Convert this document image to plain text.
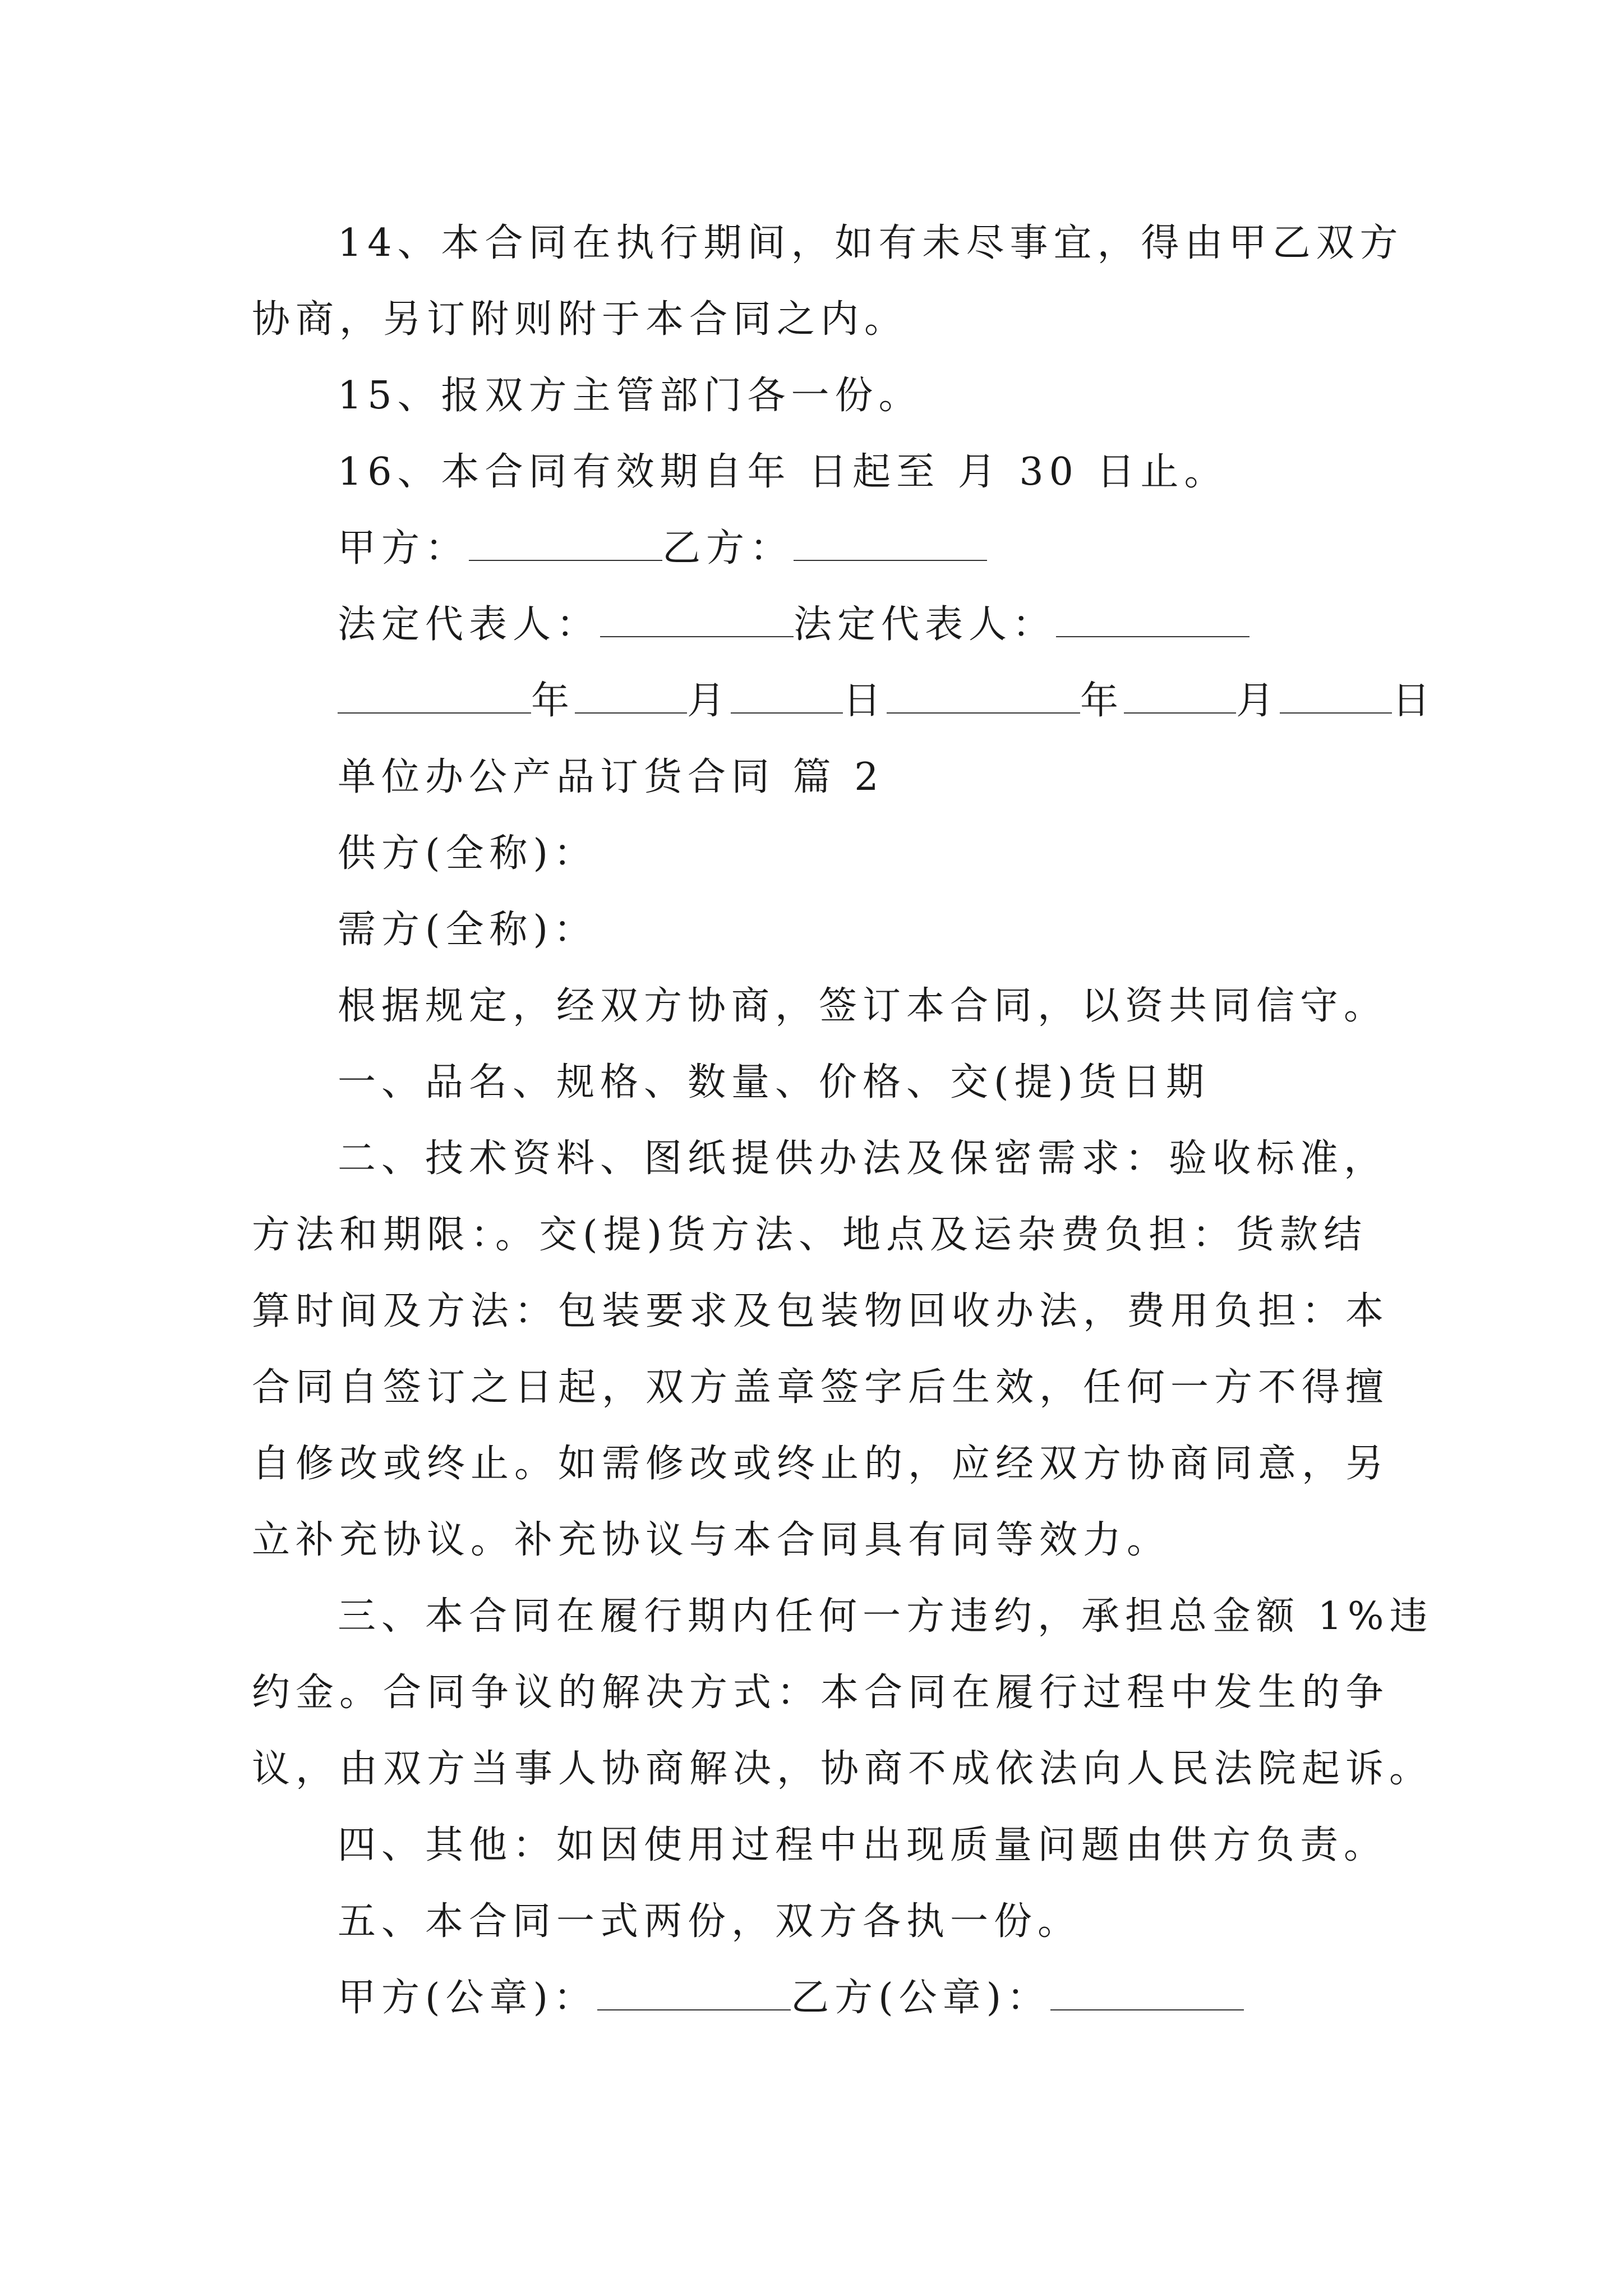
14、本合同在执行期间，如有未尽事宜，得由甲乙双方
协商，另订附则附于本合同之内。
15、报双方主管部门各一份。
16、本合同有效期自年 日起至 月 30 日止。
甲方：	乙方：
法定代表人：	法定代表人：
年	月	日	年	月	日
单位办公产品订货合同 篇 2
供方(全称)：
需方(全称)：
根据规定，经双方协商，签订本合同，以资共同信守。
一、品名、规格、数量、价格、交(提)货日期
二、技术资料、图纸提供办法及保密需求：验收标准，
方法和期限：。交(提)货方法、地点及运杂费负担：货款结
算时间及方法：包装要求及包装物回收办法，费用负担：本
合同自签订之日起，双方盖章签字后生效，任何一方不得擅
自修改或终止。如需修改或终止的，应经双方协商同意，另
立补充协议。补充协议与本合同具有同等效力。
三、本合同在履行期内任何一方违约，承担总金额 1%违
约金。合同争议的解决方式：本合同在履行过程中发生的争
议，由双方当事人协商解决，协商不成依法向人民法院起诉。
四、其他：如因使用过程中出现质量问题由供方负责。
五、本合同一式两份，双方各执一份。
甲方(公章)：	乙方(公章)：
